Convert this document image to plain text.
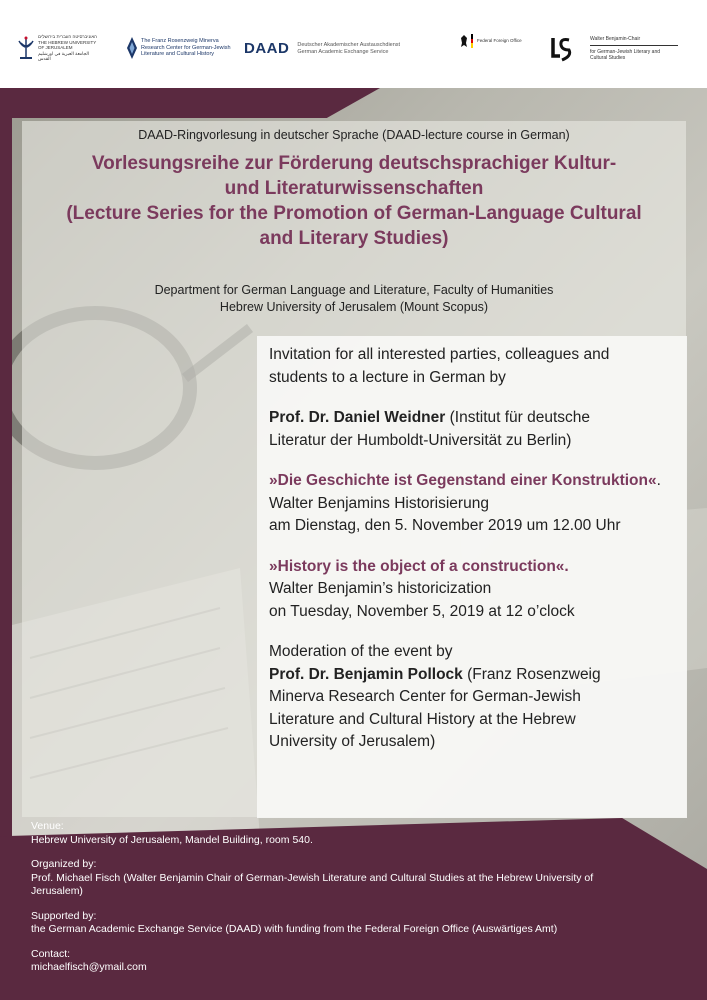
האוניברסיטה העברית בירושלים
THE HEBREW UNIVERSITY OF JERUSALEM
الجامعة العبرية في اورشليم القدس
The Franz Rosenzweig Minerva
Research Center for German-Jewish
Literature and Cultural History	DAAD Deutscher Akademischer Austauschdienst
German Academic Exchange Service
Federal Foreign Office	Walter Benjamin-Chair
for German-Jewish Literary and
Cultural Studies
DAAD-Ringvorlesung in deutscher Sprache (DAAD-lecture course in German)
Vorlesungsreihe zur Förderung deutschsprachiger Kultur-
und Literaturwissenschaften
(Lecture Series for the Promotion of German-Language Cultural
and Literary Studies)
Department for German Language and Literature, Faculty of Humanities
Hebrew University of Jerusalem (Mount Scopus)

Invitation for all interested parties, colleagues and
students to a lecture in German by

Prof. Dr. Daniel Weidner (Institut für deutsche
Literatur der Humboldt-Universität zu Berlin)

»Die Geschichte ist Gegenstand einer Konstruktion«.
Walter Benjamins Historisierung
am Dienstag, den 5. November 2019 um 12.00 Uhr

»History is the object of a construction«.
Walter Benjamin’s historicization
on Tuesday, November 5, 2019 at 12 o’clock

Moderation of the event by
Prof. Dr. Benjamin Pollock (Franz Rosenzweig
Minerva Research Center for German-Jewish
Literature and Cultural History at the Hebrew
University of Jerusalem)

Venue:
Hebrew University of Jerusalem, Mandel Building, room 540.
Organized by:
Prof. Michael Fisch (Walter Benjamin Chair of German-Jewish Literature and Cultural Studies at the Hebrew University of
Jerusalem)
Supported by:
the German Academic Exchange Service (DAAD) with funding from the Federal Foreign Office (Auswärtiges Amt)
Contact:
michaelfisch@ymail.com
